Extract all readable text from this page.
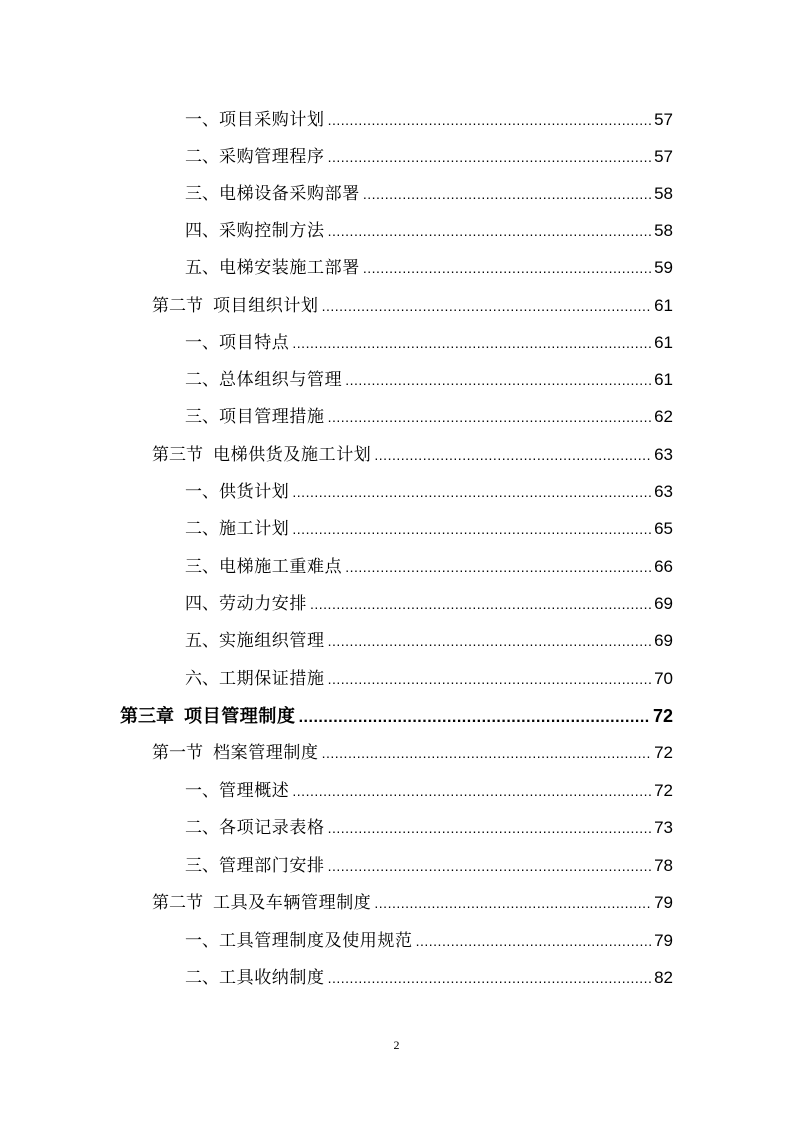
一、 项目采购计划 .....	57
二、 采购管理程序 .....	57
三、 电梯设备采购部署 .....	58
四、 采购控制方法 .....	58
五、 电梯安装施工部署 .....	59
第二节 项目组织计划 .....	61
一、 项目特点 .....	61
二、 总体组织与管理 .....	61
三、 项目管理措施 .....	62
第三节 电梯供货及施工计划 .....	63
一、 供货计划 .....	63
二、 施工计划 .....	65
三、 电梯施工重难点 .....	66
四、 劳动力安排 .....	69
五、 实施组织管理 .....	69
六、 工期保证措施 .....	70
第三章 项目管理制度 .....	72
第一节 档案管理制度 .....	72
一、 管理概述 .....	72
二、 各项记录表格 .....	73
三、 管理部门安排 .....	78
第二节 工具及车辆管理制度 .....	79
一、 工具管理制度及使用规范 .....	79
二、 工具收纳制度 .....	82
2
